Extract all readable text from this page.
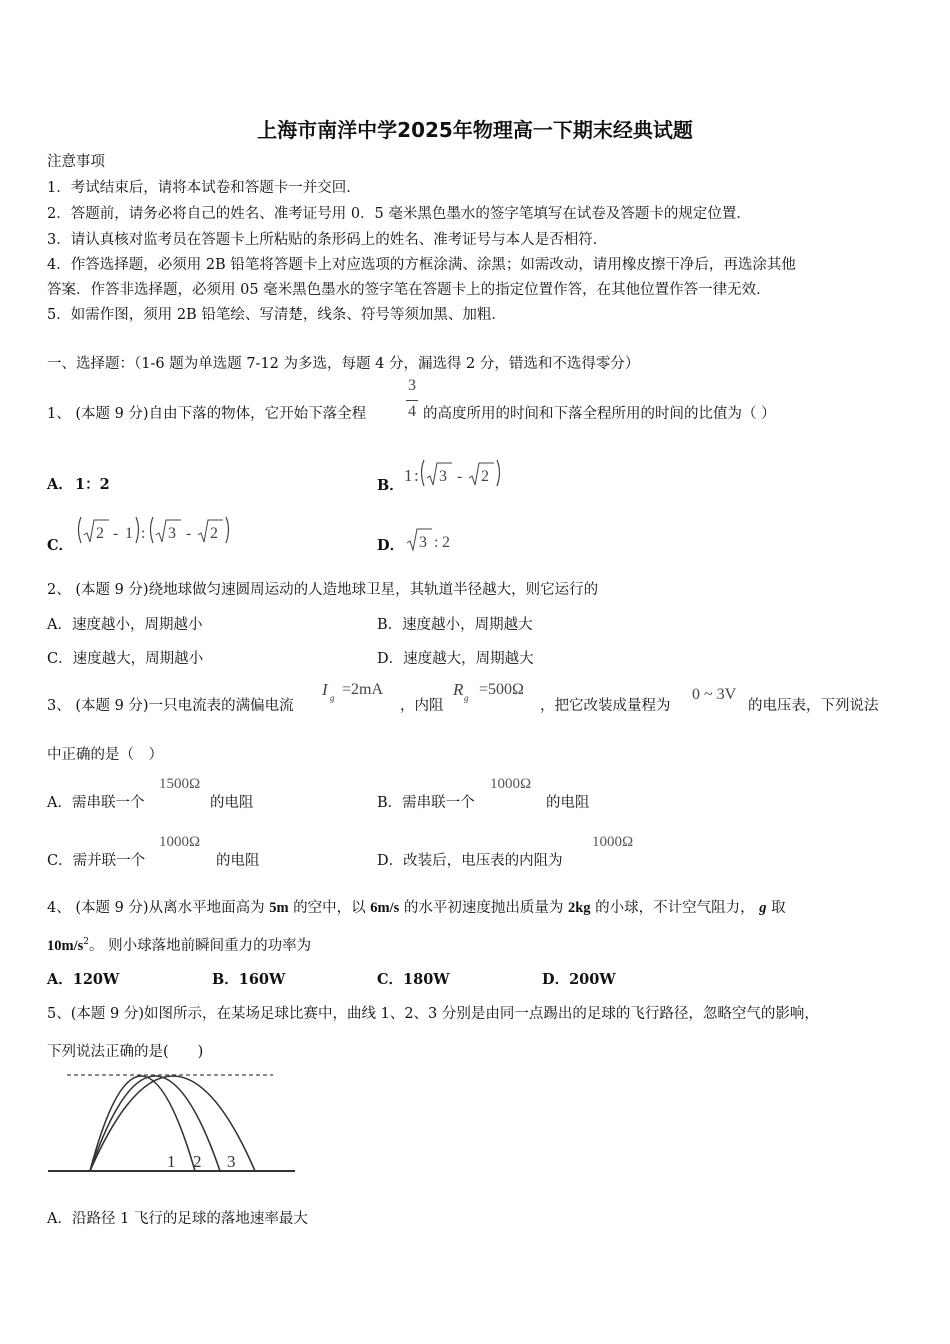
上海市南洋中学2025年物理高一下期末经典试题
注意事项
1．考试结束后，请将本试卷和答题卡一并交回．
2．答题前，请务必将自己的姓名、准考证号用 0．5 毫米黑色墨水的签字笔填写在试卷及答题卡的规定位置．
3．请认真核对监考员在答题卡上所粘贴的条形码上的姓名、准考证号与本人是否相符．
4．作答选择题，必须用 2B 铅笔将答题卡上对应选项的方框涂满、涂黑；如需改动，请用橡皮擦干净后，再选涂其他
答案．作答非选择题，必须用 05 毫米黑色墨水的签字笔在答题卡上的指定位置作答，在其他位置作答一律无效．
5．如需作图，须用 2B 铅笔绘、写清楚，线条、符号等须加黑、加粗．
一、选择题：（1-6 题为单选题 7-12 为多选，每题 4 分，漏选得 2 分，错选和不选得零分）
1、 (本题 9 分)自由下落的物体，它开始下落全程
3
4 的高度所用的时间和下落全程所用的时间的比值为（ ）
A． 1：2	B．
1 : 3 - 2
C．
2 - 1 : 3 - 2
D． 3 : 2
2、 (本题 9 分)绕地球做匀速圆周运动的人造地球卫星，其轨道半径越大，则它运行的
A．速度越小，周期越小	B．速度越小，周期越大
C．速度越大，周期越小	D．速度越大，周期越大
3、 (本题 9 分)一只电流表的满偏电流
I g =2mA
，内阻
R g =500Ω
，把它改装成量程为
0 ~ 3V
的电压表，下列说法
中正确的是（　）
A．需串联一个
1500Ω
的电阻	B．需串联一个
1000Ω
的电阻
C．需并联一个
1000Ω
的电阻	D．改装后，电压表的内阻为
1000Ω
4、 (本题 9 分)从离水平地面高为 5m 的空中，以 6m/s 的水平初速度抛出质量为 2kg 的小球，不计空气阻力， g 取
$10m/s^2$。 则小球落地前瞬间重力的功率为
A．120W	B．160W	C．180W	D．200W
5、(本题 9 分)如图所示，在某场足球比赛中，曲线 1、2、3 分别是由同一点踢出的足球的飞行路径，忽略空气的影响，
下列说法正确的是(　　)
1 2 3
A．沿路径 1 飞行的足球的落地速率最大
